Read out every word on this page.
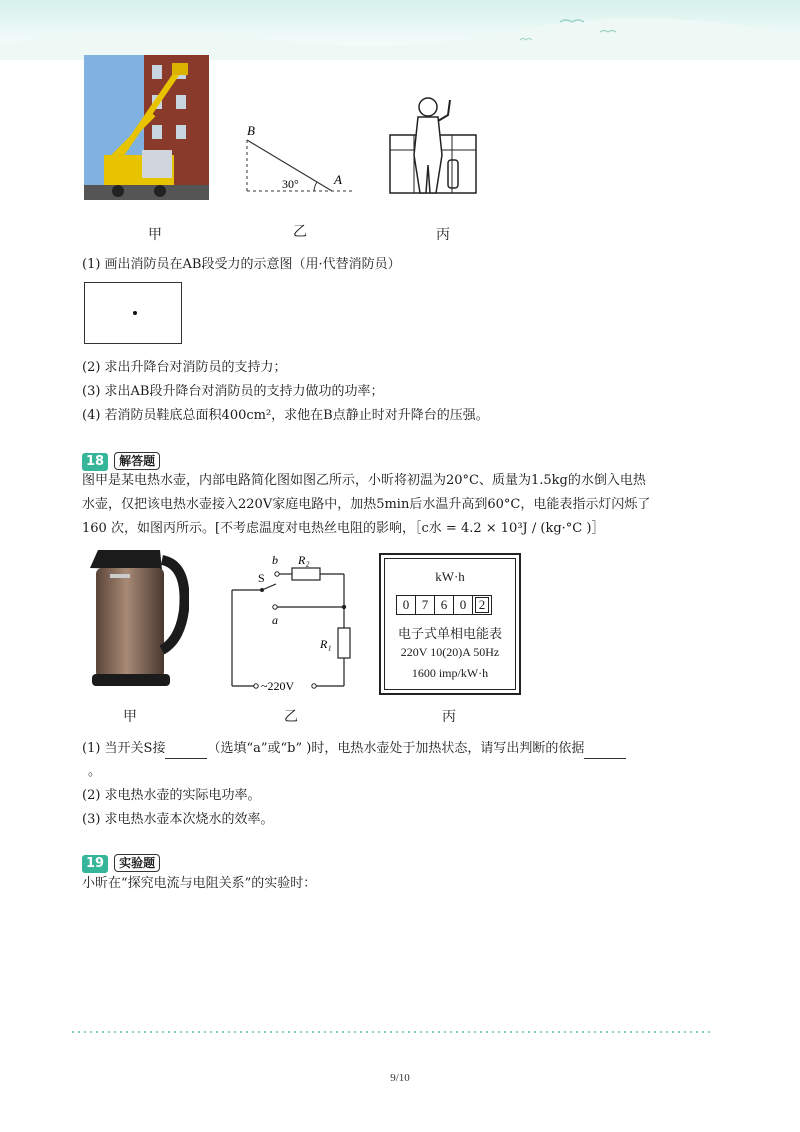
B
30°	A
甲	乙	丙
(1) 画出消防员在AB段受力的示意图（用·代替消防员）
(2) 求出升降台对消防员的支持力；
(3) 求出AB段升降台对消防员的支持力做功的功率；
(4) 若消防员鞋底总面积400cm²，求他在B点静止时对升降台的压强。
18 解答题
图甲是某电热水壶，内部电路简化图如图乙所示，小昕将初温为20°C、质量为1.5kg的水倒入电热
水壶，仅把该电热水壶接入220V家庭电路中，加热5min后水温升高到60°C，电能表指示灯闪烁了
160 次，如图丙所示。[不考虑温度对电热丝电阻的影响，［c水 = 4.2 × 10³J / (kg·°C )］
b
S
a
R₂
R₁
~220V
kW·h
0 7 6 0 2
电子式单相电能表
220V 10(20)A 50Hz
1600 imp/kW·h
甲	乙	丙
(1) 当开关S接	（选填“a”或“b” )时，电热水壶处于加热状态，请写出判断的依据
。
(2) 求电热水壶的实际电功率。
(3) 求电热水壶本次烧水的效率。
19 实验题
小昕在“探究电流与电阻关系”的实验时：
9/10
